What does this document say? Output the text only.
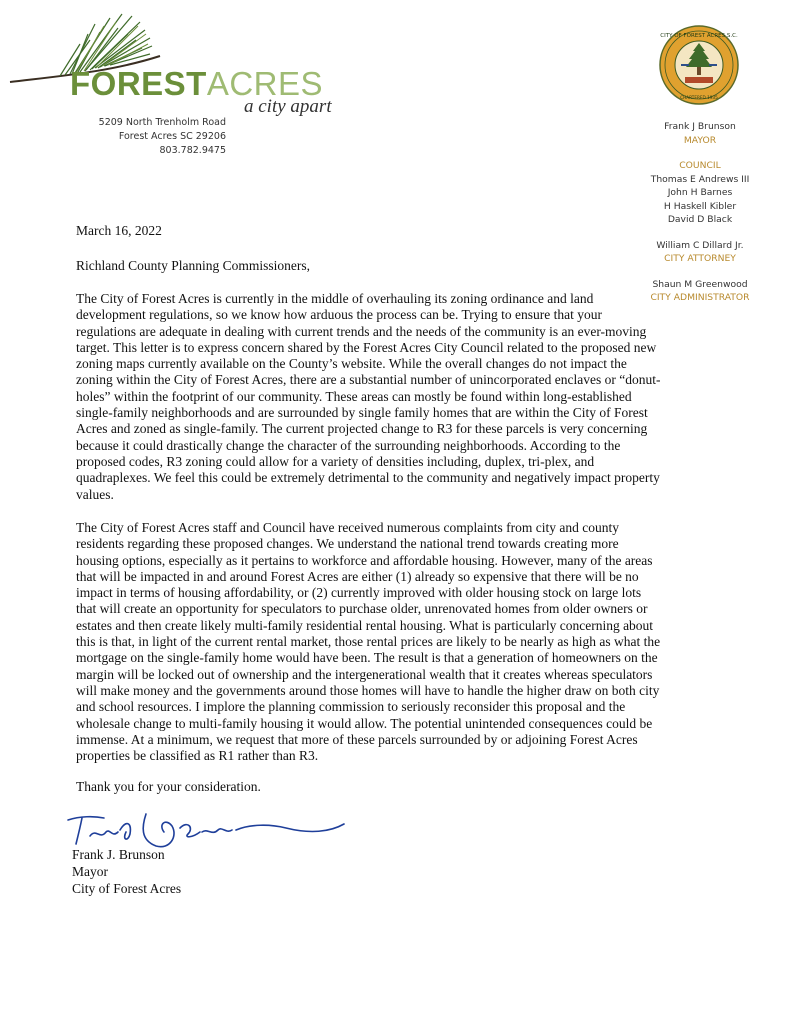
FORESTACRES
a city apart
5209 North Trenholm Road
Forest Acres SC 29206
803.782.9475
CITY OF FOREST ACRES S.C.
CHARTERED 1935
Frank J Brunson
MAYOR
COUNCIL
Thomas E Andrews III
John H Barnes
H Haskell Kibler
David D Black
William C Dillard Jr.
CITY ATTORNEY
Shaun M Greenwood
CITY ADMINISTRATOR
March 16, 2022
Richland County Planning Commissioners,
The City of Forest Acres is currently in the middle of overhauling its zoning ordinance and land development regulations, so we know how arduous the process can be. Trying to ensure that your regulations are adequate in dealing with current trends and the needs of the community is an ever-moving target. This letter is to express concern shared by the Forest Acres City Council related to the proposed new zoning maps currently available on the County’s website. While the overall changes do not impact the zoning within the City of Forest Acres, there are a substantial number of unincorporated enclaves or “donut-holes” within the footprint of our community. These areas can mostly be found within long-established single-family neighborhoods and are surrounded by single family homes that are within the City of Forest Acres and zoned as single-family. The current projected change to R3 for these parcels is very concerning because it could drastically change the character of the surrounding neighborhoods. According to the proposed codes, R3 zoning could allow for a variety of densities including, duplex, tri-plex, and quadraplexes. We feel this could be extremely detrimental to the community and negatively impact property values.
The City of Forest Acres staff and Council have received numerous complaints from city and county residents regarding these proposed changes. We understand the national trend towards creating more housing options, especially as it pertains to workforce and affordable housing. However, many of the areas that will be impacted in and around Forest Acres are either (1) already so expensive that there will be no impact in terms of housing affordability, or (2) currently improved with older housing stock on large lots that will create an opportunity for speculators to purchase older, unrenovated homes from older owners or estates and then create likely multi-family residential rental housing. What is particularly concerning about this is that, in light of the current rental market, those rental prices are likely to be nearly as high as what the mortgage on the single-family home would have been. The result is that a generation of homeowners on the margin will be locked out of ownership and the intergenerational wealth that it creates whereas speculators will make money and the governments around those homes will have to handle the higher draw on both city and school resources. I implore the planning commission to seriously reconsider this proposal and the wholesale change to multi-family housing it would allow. The potential unintended consequences could be immense. At a minimum, we request that more of these parcels surrounded by or adjoining Forest Acres properties be classified as R1 rather than R3.
Thank you for your consideration.
Frank J. Brunson
Mayor
City of Forest Acres
